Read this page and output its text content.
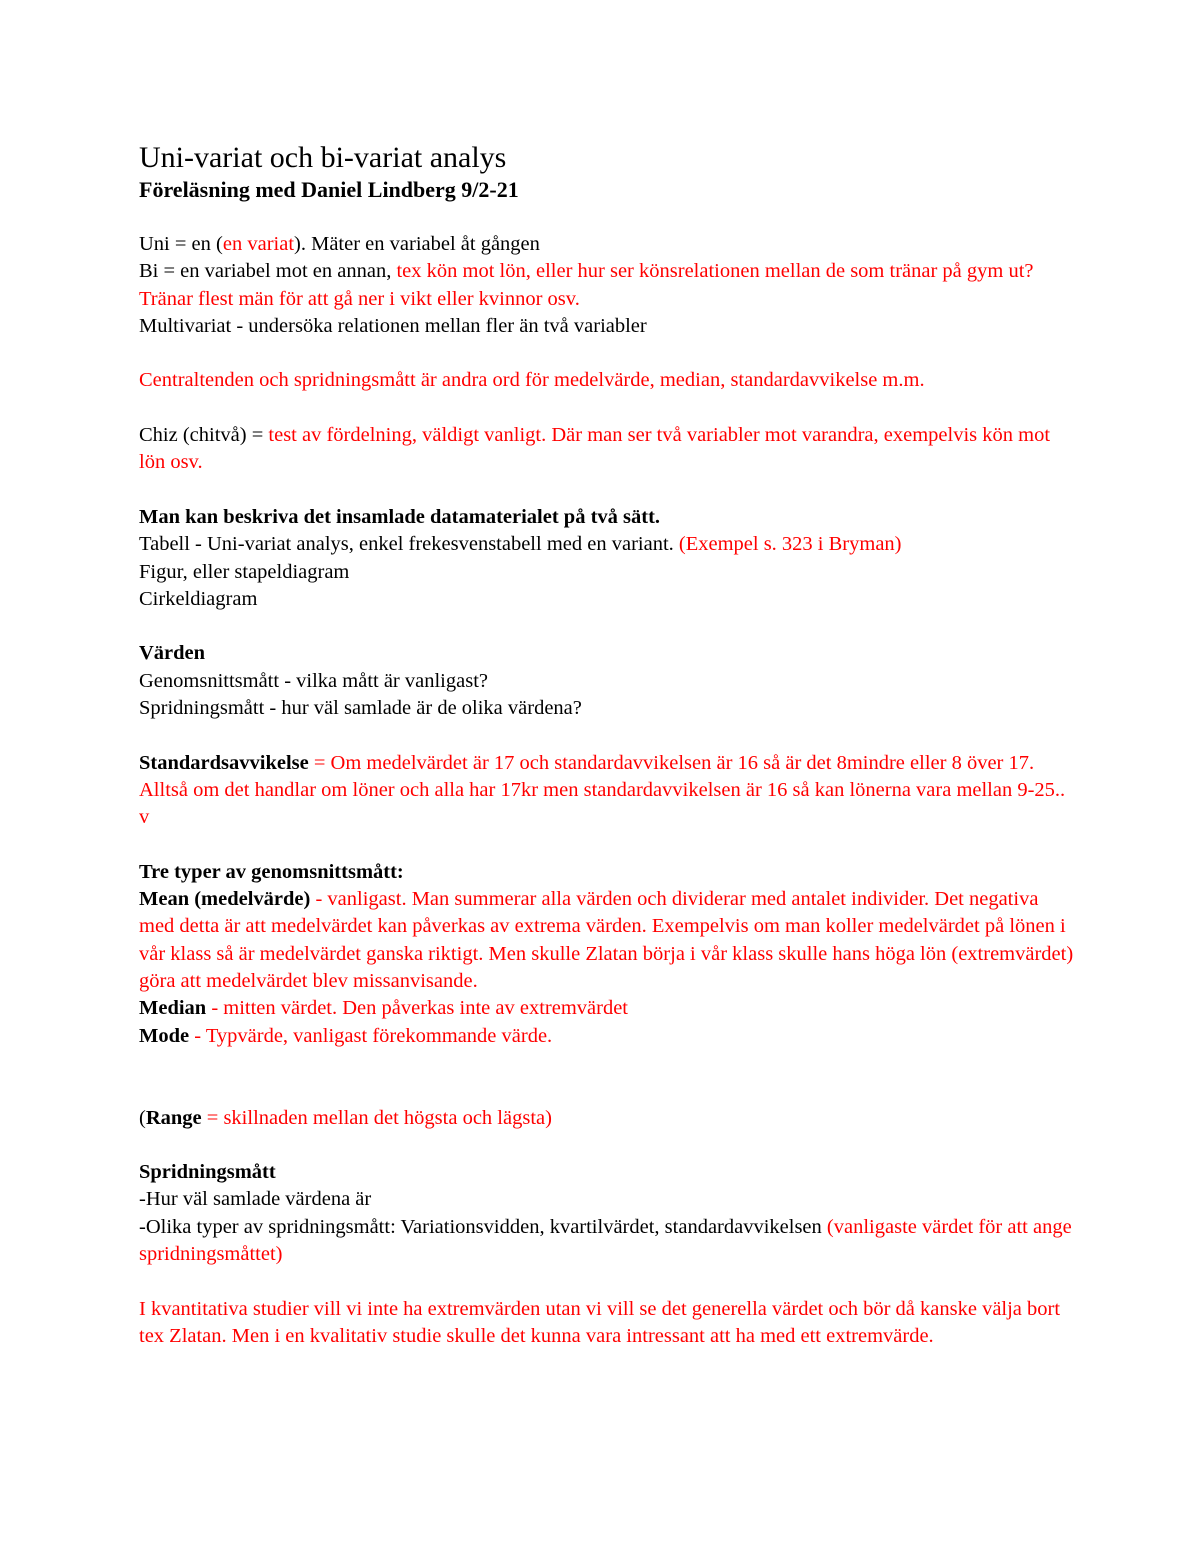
Uni-variat och bi-variat analys

Föreläsning med Daniel Lindberg 9/2-21

Uni = en (en variat). Mäter en variabel åt gången
Bi = en variabel mot en annan, tex kön mot lön, eller hur ser könsrelationen mellan de som tränar på gym ut? Tränar flest män för att gå ner i vikt eller kvinnor osv.
Multivariat - undersöka relationen mellan fler än två variabler
Centraltenden och spridningsmått är andra ord för medelvärde, median, standardavvikelse m.m.
Chiz (chitvå) = test av fördelning, väldigt vanligt. Där man ser två variabler mot varandra, exempelvis kön mot lön osv.
Man kan beskriva det insamlade datamaterialet på två sätt.
Tabell - Uni-variat analys, enkel frekesvenstabell med en variant. (Exempel s. 323 i Bryman)
Figur, eller stapeldiagram
Cirkeldiagram
Värden
Genomsnittsmått - vilka mått är vanligast?
Spridningsmått - hur väl samlade är de olika värdena?
Standardsavvikelse = Om medelvärdet är 17 och standardavvikelsen är 16 så är det 8mindre eller 8 över 17. Alltså om det handlar om löner och alla har 17kr men standardavvikelsen är 16 så kan lönerna vara mellan 9-25.. v
Tre typer av genomsnittsmått:
Mean (medelvärde) - vanligast. Man summerar alla värden och dividerar med antalet individer. Det negativa med detta är att medelvärdet kan påverkas av extrema värden. Exempelvis om man koller medelvärdet på lönen i vår klass så är medelvärdet ganska riktigt. Men skulle Zlatan börja i vår klass skulle hans höga lön (extremvärdet) göra att medelvärdet blev missanvisande.
Median - mitten värdet. Den påverkas inte av extremvärdet
Mode - Typvärde, vanligast förekommande värde.
(Range = skillnaden mellan det högsta och lägsta)
Spridningsmått
-Hur väl samlade värdena är
-Olika typer av spridningsmått: Variationsvidden, kvartilvärdet, standardavvikelsen (vanligaste värdet för att ange spridningsmåttet)
I kvantitativa studier vill vi inte ha extremvärden utan vi vill se det generella värdet och bör då kanske välja bort tex Zlatan. Men i en kvalitativ studie skulle det kunna vara intressant att ha med ett extremvärde.
